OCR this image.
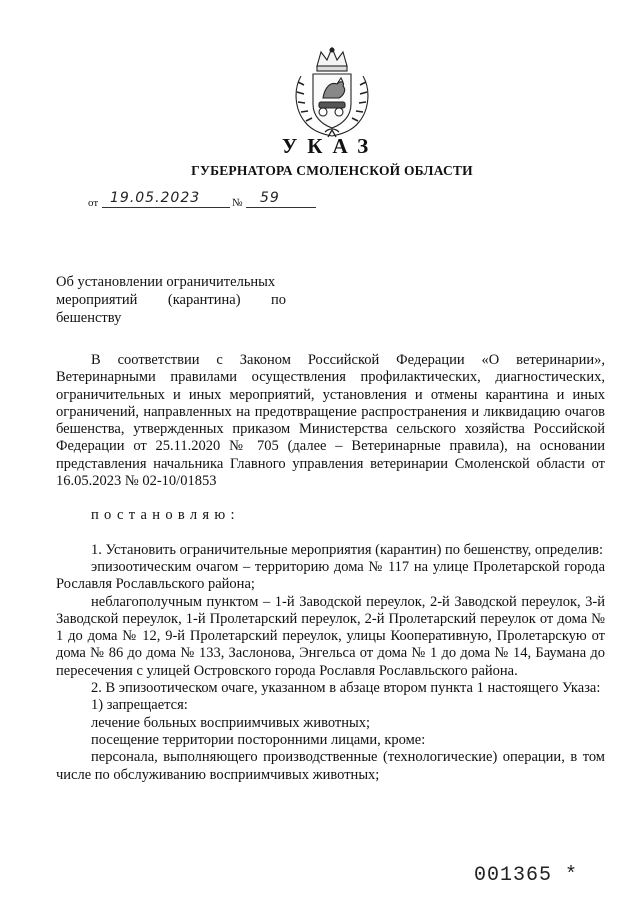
УКАЗ
ГУБЕРНАТОРА СМОЛЕНСКОЙ ОБЛАСТИ
от 19.05.2023	№ 59
Об установлении ограничительных
мероприятий (карантина) по
бешенству

В соответствии с Законом Российской Федерации «О ветеринарии», Ветеринарными правилами осуществления профилактических, диагностических, ограничительных и иных мероприятий, установления и отмены карантина и иных ограничений, направленных на предотвращение распространения и ликвидацию очагов бешенства, утвержденных приказом Министерства сельского хозяйства Российской Федерации от 25.11.2020 № 705 (далее – Ветеринарные правила), на основании представления начальника Главного управления ветеринарии Смоленской области от 16.05.2023 № 02-10/01853

постановляю:

1. Установить ограничительные мероприятия (карантин) по бешенству, определив:

эпизоотическим очагом – территорию дома № 117 на улице Пролетарской города Рославля Рославльского района;

неблагополучным пунктом – 1-й Заводской переулок, 2-й Заводской переулок, 3-й Заводской переулок, 1-й Пролетарский переулок, 2-й Пролетарский переулок от дома № 1 до дома № 12, 9-й Пролетарский переулок, улицы Кооперативную, Пролетарскую от дома № 86 до дома № 133, Заслонова, Энгельса от дома № 1 до дома № 14, Баумана до пересечения с улицей Островского города Рославля Рославльского района.

2. В эпизоотическом очаге, указанном в абзаце втором пункта 1 настоящего Указа:

1) запрещается:

лечение больных восприимчивых животных;

посещение территории посторонними лицами, кроме:

персонала, выполняющего производственные (технологические) операции, в том числе по обслуживанию восприимчивых животных;

001365 *
